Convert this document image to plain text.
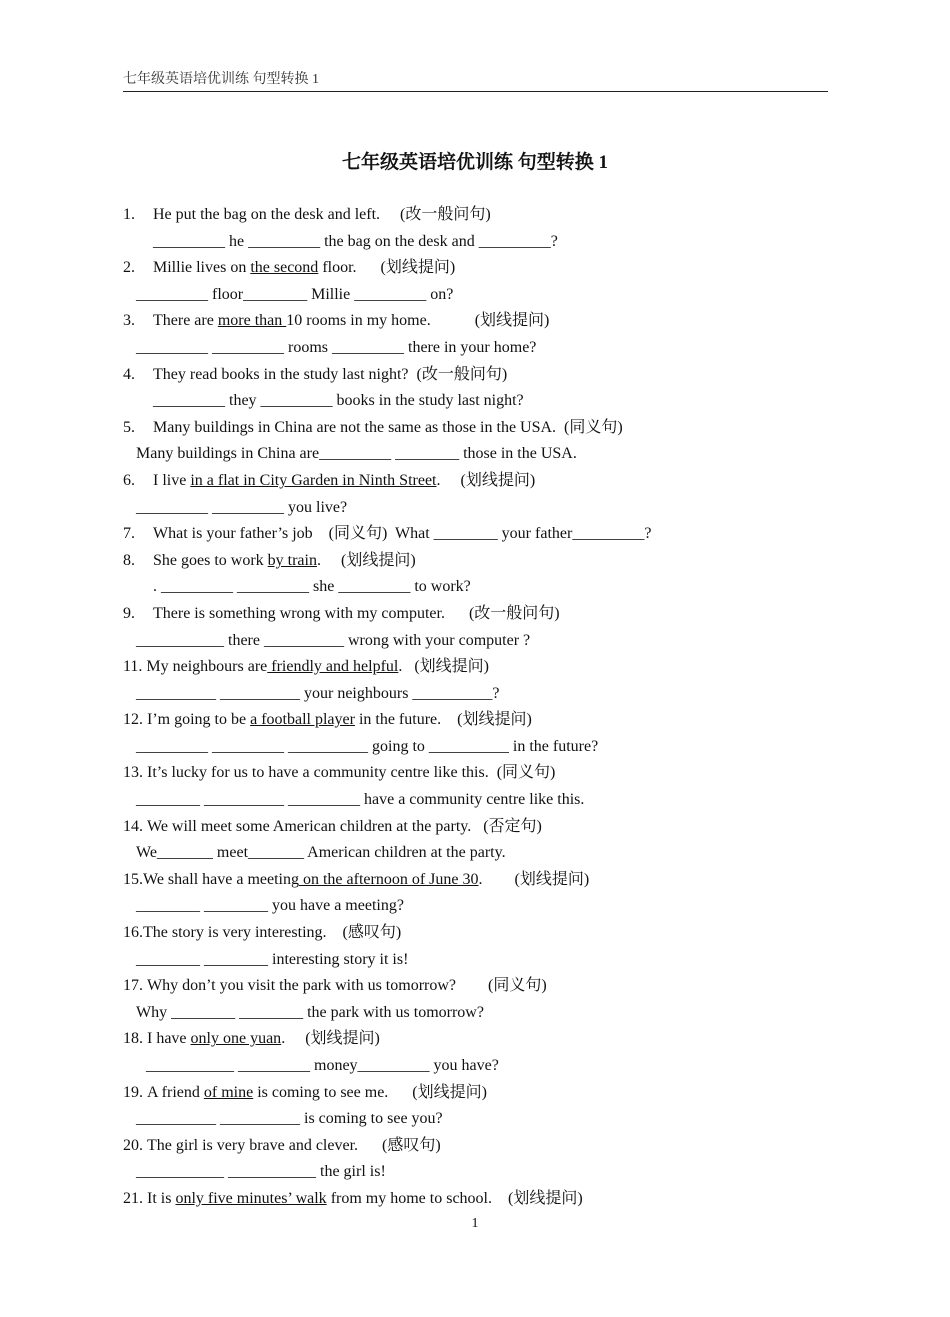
七年级英语培优训练 句型转换 1
七年级英语培优训练 句型转换 1
1. He put the bag on the desk and left.     (改一般问句)
_________ he _________ the bag on the desk and _________?
2. Millie lives on the second floor.      (划线提问)
_________ floor________ Millie _________ on?
3. There are more than 10 rooms in my home.           (划线提问)
_________ _________ rooms _________ there in your home?
4. They read books in the study last night?  (改一般问句)
_________ they _________ books in the study last night?
5. Many buildings in China are not the same as those in the USA.  (同义句)
Many buildings in China are_________ ________ those in the USA.
6. I live in a flat in City Garden in Ninth Street.     (划线提问)
_________ _________ you live?
7. What is your father’s job    (同义句)  What ________ your father_________?
8. She goes to work by train.     (划线提问)
. _________ _________ she _________ to work?
9. There is something wrong with my computer.      (改一般问句)
___________ there __________ wrong with your computer ?
11. My neighbours are friendly and helpful.   (划线提问)
__________ __________ your neighbours __________?
12. I’m going to be a football player in the future.    (划线提问)
_________ _________ __________ going to __________ in the future?
13. It’s lucky for us to have a community centre like this.  (同义句)
________ __________ _________ have a community centre like this.
14. We will meet some American children at the party.   (否定句)
We_______ meet_______ American children at the party.
15.We shall have a meeting on the afternoon of June 30.        (划线提问)
________ ________ you have a meeting?
16.The story is very interesting.    (感叹句)
________ ________ interesting story it is!
17. Why don’t you visit the park with us tomorrow?        (同义句)
Why ________ ________ the park with us tomorrow?
18. I have only one yuan.     (划线提问)
___________ _________ money_________ you have?
19. A friend of mine is coming to see me.      (划线提问)
__________ __________ is coming to see you?
20. The girl is very brave and clever.      (感叹句)
___________ ___________ the girl is!
21. It is only five minutes’ walk from my home to school.    (划线提问)
1
